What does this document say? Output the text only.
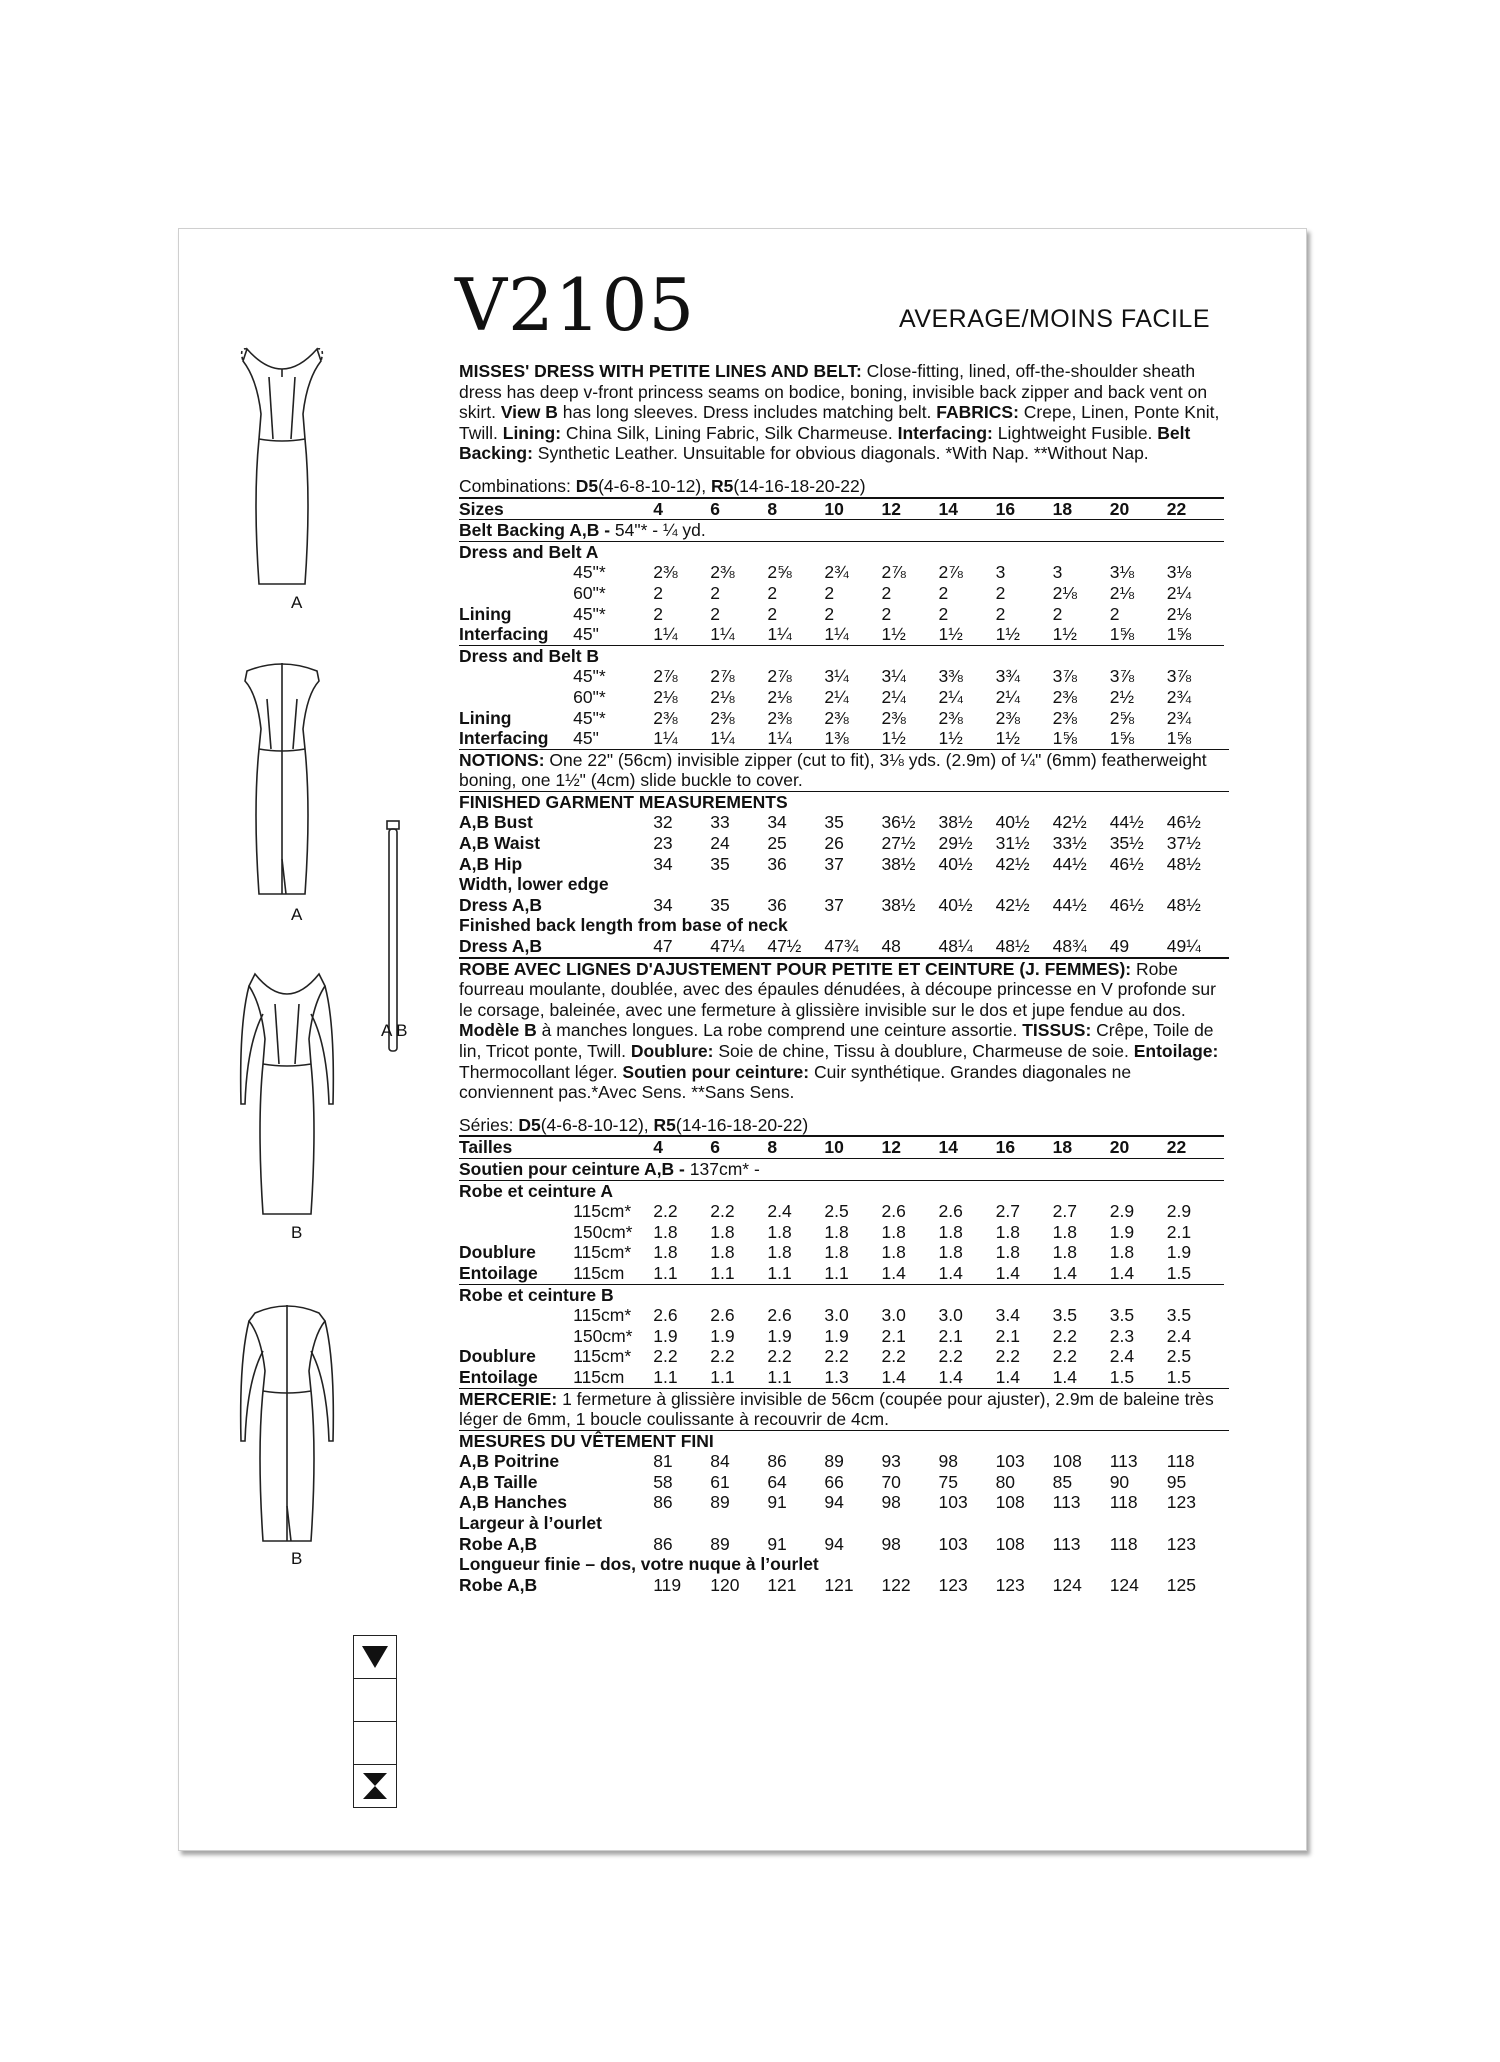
V2105	AVERAGE/MOINS FACILE
A
A
A B
B
B

MISSES' DRESS WITH PETITE LINES AND BELT: Close-fitting, lined, off-the-shoulder sheath dress has deep v-front princess seams on bodice, boning, invisible back zipper and back vent on skirt. View B has long sleeves. Dress includes matching belt. FABRICS: Crepe, Linen, Ponte Knit, Twill. Lining: China Silk, Lining Fabric, Silk Charmeuse. Interfacing: Lightweight Fusible. Belt Backing: Synthetic Leather. Unsuitable for obvious diagonals. *With Nap. **Without Nap.

Combinations: D5(4-6-8-10-12), R5(14-16-18-20-22)
Sizes		4	6	8	10	12	14	16	18	20	22
Belt Backing A,B - 54"* - ¼ yd.											
Dress and Belt A											
	45"*	2⅜	2⅜	2⅝	2¾	2⅞	2⅞	3	3	3⅛	3⅛
	60"*	2	2	2	2	2	2	2	2⅛	2⅛	2¼
Lining	45"*	2	2	2	2	2	2	2	2	2	2⅛
Interfacing	45"	1¼	1¼	1¼	1¼	1½	1½	1½	1½	1⅝	1⅝
Dress and Belt B											
	45"*	2⅞	2⅞	2⅞	3¼	3¼	3⅜	3¾	3⅞	3⅞	3⅞
	60"*	2⅛	2⅛	2⅛	2¼	2¼	2¼	2¼	2⅜	2½	2¾
Lining	45"*	2⅜	2⅜	2⅜	2⅜	2⅜	2⅜	2⅜	2⅜	2⅝	2¾
Interfacing	45"	1¼	1¼	1¼	1⅜	1½	1½	1½	1⅝	1⅝	1⅝
NOTIONS: One 22" (56cm) invisible zipper (cut to fit), 3⅛ yds. (2.9m) of ¼" (6mm) featherweight boning, one 1½" (4cm) slide buckle to cover.
FINISHED GARMENT MEASUREMENTS										
A,B Bust	32	33	34	35	36½	38½	40½	42½	44½	46½
A,B Waist	23	24	25	26	27½	29½	31½	33½	35½	37½
A,B Hip	34	35	36	37	38½	40½	42½	44½	46½	48½
Width, lower edge										
Dress A,B	34	35	36	37	38½	40½	42½	44½	46½	48½
Finished back length from base of neck										
Dress A,B	47	47¼	47½	47¾	48	48¼	48½	48¾	49	49¼

ROBE AVEC LIGNES D'AJUSTEMENT POUR PETITE ET CEINTURE (J. FEMMES): Robe fourreau moulante, doublée, avec des épaules dénudées, à découpe princesse en V profonde sur le corsage, baleinée, avec une fermeture à glissière invisible sur le dos et jupe fendue au dos. Modèle B à manches longues. La robe comprend une ceinture assortie. TISSUS: Crêpe, Toile de lin, Tricot ponte, Twill. Doublure: Soie de chine, Tissu à doublure, Charmeuse de soie. Entoilage: Thermocollant léger. Soutien pour ceinture: Cuir synthétique. Grandes diagonales ne conviennent pas.*Avec Sens. **Sans Sens.

Séries: D5(4-6-8-10-12), R5(14-16-18-20-22)
Tailles		4	6	8	10	12	14	16	18	20	22
Soutien pour ceinture A,B - 137cm* -											
Robe et ceinture A											
	115cm*	2.2	2.2	2.4	2.5	2.6	2.6	2.7	2.7	2.9	2.9
	150cm*	1.8	1.8	1.8	1.8	1.8	1.8	1.8	1.8	1.9	2.1
Doublure	115cm*	1.8	1.8	1.8	1.8	1.8	1.8	1.8	1.8	1.8	1.9
Entoilage	115cm	1.1	1.1	1.1	1.1	1.4	1.4	1.4	1.4	1.4	1.5
Robe et ceinture B											
	115cm*	2.6	2.6	2.6	3.0	3.0	3.0	3.4	3.5	3.5	3.5
	150cm*	1.9	1.9	1.9	1.9	2.1	2.1	2.1	2.2	2.3	2.4
Doublure	115cm*	2.2	2.2	2.2	2.2	2.2	2.2	2.2	2.2	2.4	2.5
Entoilage	115cm	1.1	1.1	1.1	1.3	1.4	1.4	1.4	1.4	1.5	1.5
MERCERIE: 1 fermeture à glissière invisible de 56cm (coupée pour ajuster), 2.9m de baleine très léger de 6mm, 1 boucle coulissante à recouvrir de 4cm.
MESURES DU VÊTEMENT FINI										
A,B Poitrine	81	84	86	89	93	98	103	108	113	118
A,B Taille	58	61	64	66	70	75	80	85	90	95
A,B Hanches	86	89	91	94	98	103	108	113	118	123
Largeur à l’ourlet										
Robe A,B	86	89	91	94	98	103	108	113	118	123
Longueur finie – dos, votre nuque à l’ourlet										
Robe A,B	119	120	121	121	122	123	123	124	124	125
